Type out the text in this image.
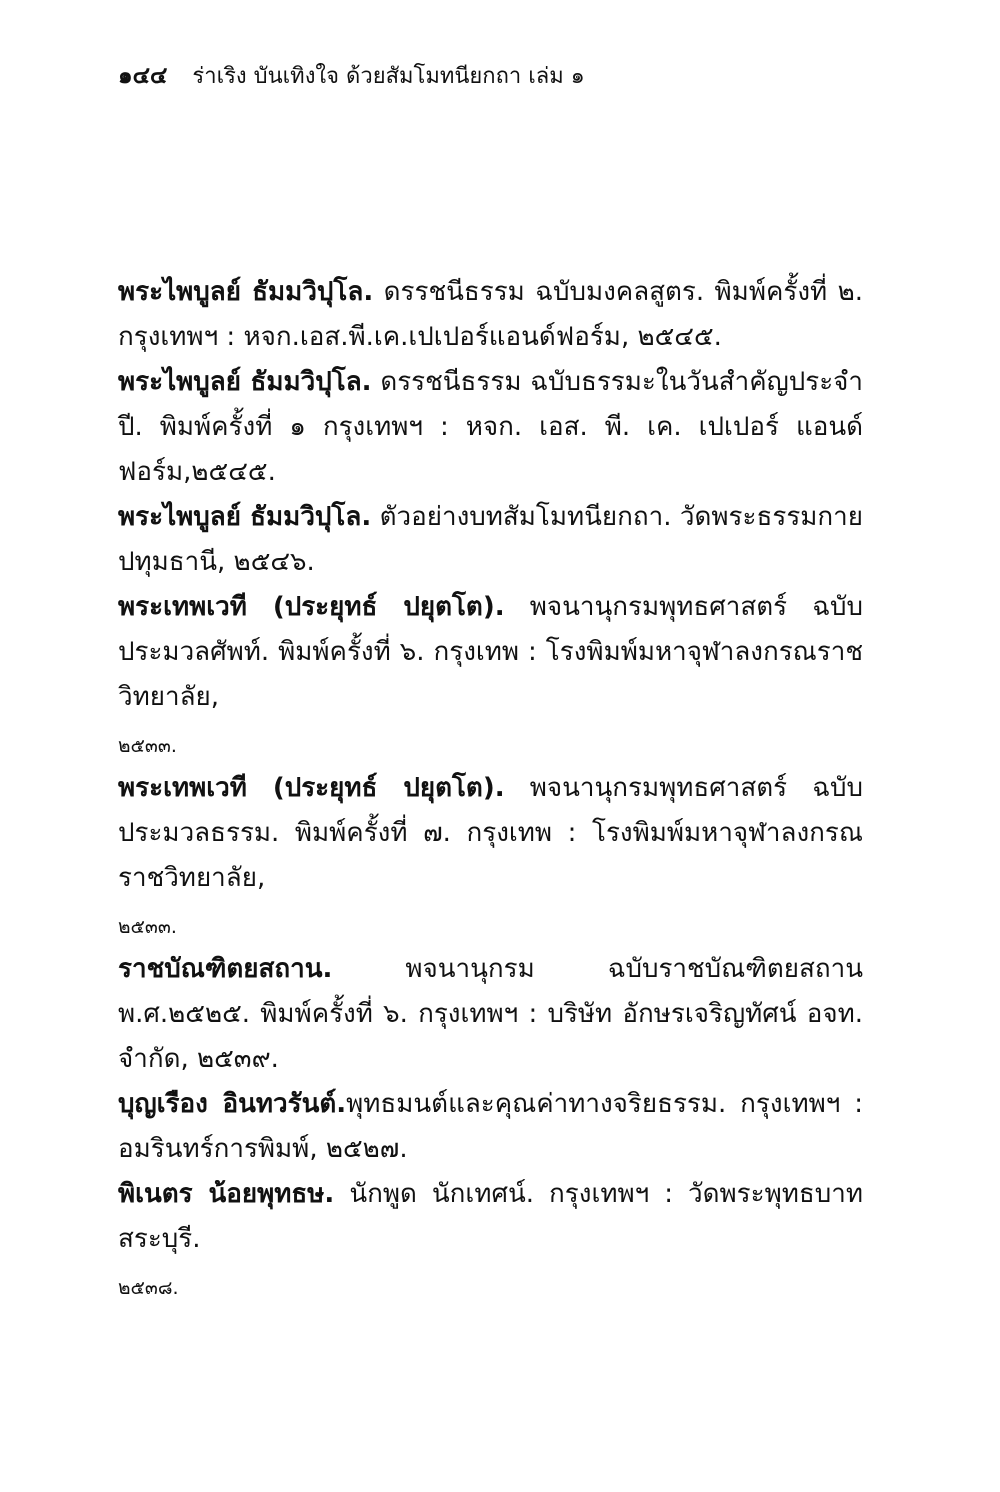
๑๔๔ ร่าเริง บันเทิงใจ ด้วยสัมโมทนียกถา เล่ม ๑

พระไพบูลย์ ธัมมวิปุโล. ดรรชนีธรรม ฉบับมงคลสูตร. พิมพ์ครั้งที่ ๒. กรุงเทพฯ : หจก.เอส.พี.เค.เปเปอร์แอนด์ฟอร์ม, ๒๕๔๕.

พระไพบูลย์ ธัมมวิปุโล. ดรรชนีธรรม ฉบับธรรมะในวันสำคัญประจำปี. พิมพ์ครั้งที่ ๑ กรุงเทพฯ : หจก. เอส. พี. เค. เปเปอร์ แอนด์ ฟอร์ม,๒๕๔๕.

พระไพบูลย์ ธัมมวิปุโล. ตัวอย่างบทสัมโมทนียกถา. วัดพระธรรมกาย ปทุมธานี, ๒๕๔๖.

พระเทพเวที (ประยุทธ์ ปยุตโต). พจนานุกรมพุทธศาสตร์ ฉบับประมวลศัพท์. พิมพ์ครั้งที่ ๖. กรุงเทพ : โรงพิมพ์มหาจุฬาลงกรณราชวิทยาลัย,
๒๕๓๓.

พระเทพเวที (ประยุทธ์ ปยุตโต). พจนานุกรมพุทธศาสตร์ ฉบับประมวลธรรม. พิมพ์ครั้งที่ ๗. กรุงเทพ : โรงพิมพ์มหาจุฬาลงกรณราชวิทยาลัย,
๒๕๓๓.

ราชบัณฑิตยสถาน. พจนานุกรม ฉบับราชบัณฑิตยสถาน พ.ศ.๒๕๒๕. พิมพ์ครั้งที่ ๖. กรุงเทพฯ : บริษัท อักษรเจริญทัศน์ อจท. จำกัด, ๒๕๓๙.

บุญเรือง อินทวรันต์.พุทธมนต์และคุณค่าทางจริยธรรม. กรุงเทพฯ : อมรินทร์การพิมพ์, ๒๕๒๗.

พิเนตร น้อยพุทธษ. นักพูด นักเทศน์. กรุงเทพฯ : วัดพระพุทธบาท สระบุรี.
๒๕๓๘.
